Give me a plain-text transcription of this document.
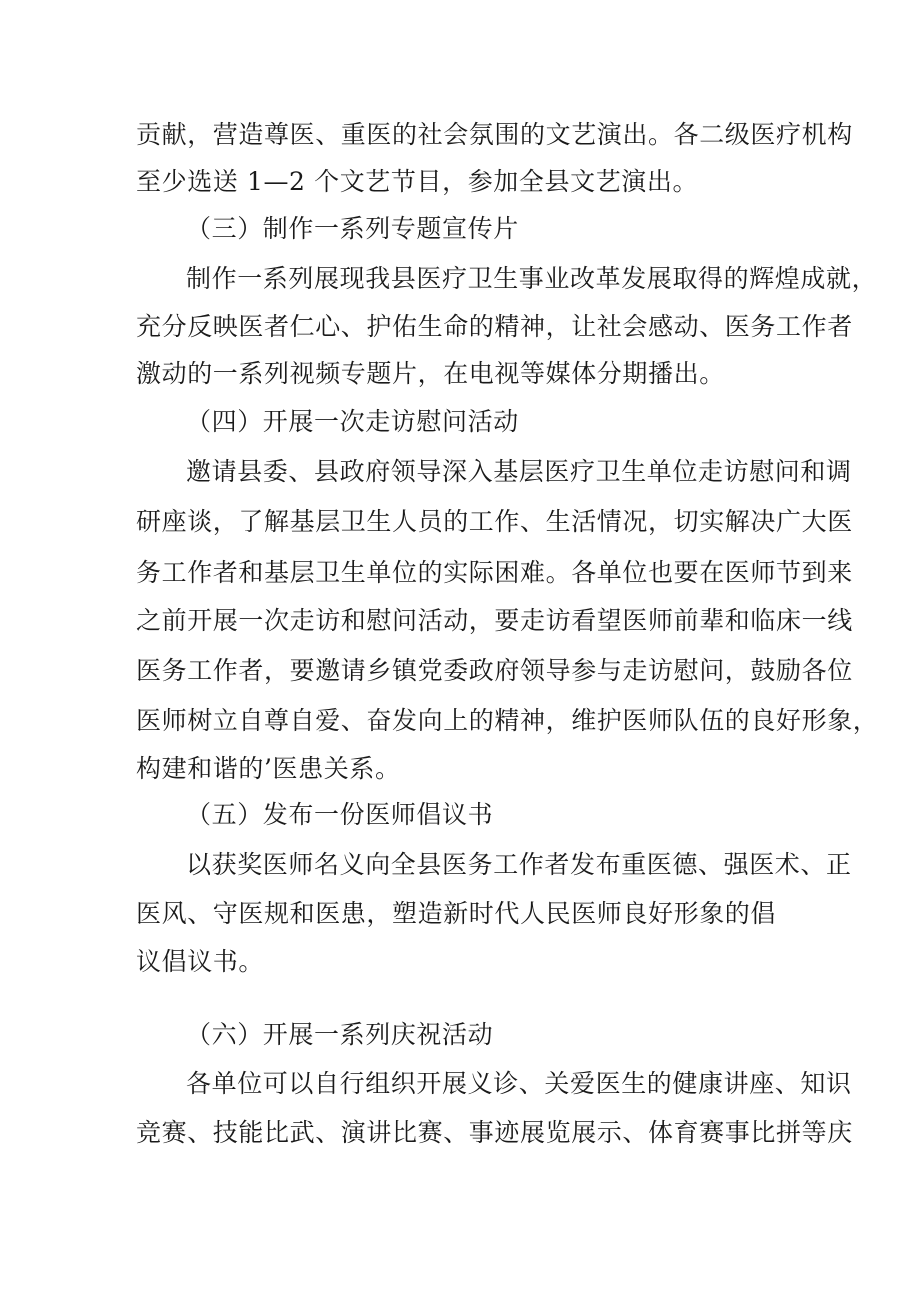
贡献，营造尊医、重医的社会氛围的文艺演出。各二级医疗机构
至少选送 1—2 个文艺节目，参加全县文艺演出。
（三）制作一系列专题宣传片
制作一系列展现我县医疗卫生事业改革发展取得的辉煌成就，
充分反映医者仁心、护佑生命的精神，让社会感动、医务工作者
激动的一系列视频专题片，在电视等媒体分期播出。
（四）开展一次走访慰问活动
邀请县委、县政府领导深入基层医疗卫生单位走访慰问和调
研座谈，了解基层卫生人员的工作、生活情况，切实解决广大医
务工作者和基层卫生单位的实际困难。各单位也要在医师节到来
之前开展一次走访和慰问活动，要走访看望医师前辈和临床一线
医务工作者，要邀请乡镇党委政府领导参与走访慰问，鼓励各位
医师树立自尊自爱、奋发向上的精神，维护医师队伍的良好形象，
构建和谐的’医患关系。
（五）发布一份医师倡议书
以获奖医师名义向全县医务工作者发布重医德、强医术、正
医风、守医规和医患，塑造新时代人民医师良好形象的倡
议倡议书。
（六）开展一系列庆祝活动
各单位可以自行组织开展义诊、关爱医生的健康讲座、知识
竞赛、技能比武、演讲比赛、事迹展览展示、体育赛事比拼等庆
